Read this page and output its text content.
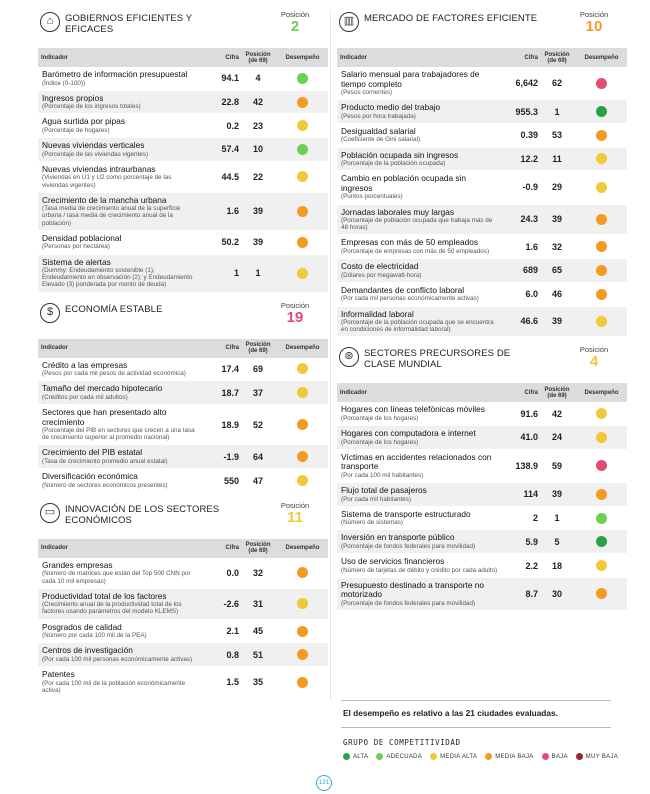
⌂	GOBIERNOS EFICIENTES Y EFICACES
Posición
2
Indicador	Cifra	Posición
(de 69)	Desempeño
Barómetro de información presupuestal
(Índice (0-100))	94.1	4
Ingresos propios
(Porcentaje de los ingresos totales)	22.8	42
Agua surtida por pipas
(Porcentaje de hogares)	0.2	23
Nuevas viviendas verticales
(Porcentaje de las viviendas vigentes)	57.4	10
Nuevas viviendas intraurbanas
(Viviendas en U1 y U2 como porcentaje de las viviendas vigentes)
44.5	22
Crecimiento de la mancha urbana
(Tasa media de crecimiento anual de la superficie urbana / tasa media de crecimiento anual de la población)
1.6	39
Densidad poblacional
(Personas por hectárea)	50.2	39
Sistema de alertas
(Dummy: Endeudamiento sostenible (1); Endeudamiento en observación (2); y Endeudamiento Elevado (3) ponderada por monto de deuda)
1	1
$	ECONOMÍA ESTABLE	Posición
19
Indicador	Cifra	Posición
(de 69)	Desempeño
Crédito a las empresas
(Pesos por cada mil pesos de actividad económica)	17.4	69
Tamaño del mercado hipotecario
(Créditos por cada mil adultos)	18.7	37
Sectores que han presentado alto crecimiento
(Porcentaje del PIB en sectores que crecen a una tasa de crecimiento superior al promedio nacional)
18.9	52
Crecimiento del PIB estatal
(Tasa de crecimiento promedio anual estatal)	-1.9	64
Diversificación económica
(Número de sectores económicos presentes)	550	47
▭	INNOVACIÓN DE LOS SECTORES ECONÓMICOS
Posición
11
Indicador	Cifra	Posición
(de 69)	Desempeño
Grandes empresas
(Número de matrices que están del Top 500 CNN por cada 10 mil empresas)
0.0	32
Productividad total de los factores
(Crecimiento anual de la productividad total de los factores usando parámetros del modelo KLEMS)
-2.6	31
Posgrados de calidad
(Número por cada 100 mil de la PEA)	2.1	45
Centros de investigación
(Por cada 100 mil personas económicamente activas)	0.8	51
Patentes
(Por cada 100 mil de la población económicamente activa)
1.5	35
▥	MERCADO DE FACTORES EFICIENTE	Posición
10
Indicador	Cifra	Posición
(de 69)	Desempeño
Salario mensual para trabajadores de tiempo completo
(Pesos corrientes)
6,642	62
Producto medio del trabajo
(Pesos por hora trabajada)	955.3	1
Desigualdad salarial
(Coeficiente de Gini salarial)	0.39	53
Población ocupada sin ingresos
(Porcentaje de la población ocupada)	12.2	11
Cambio en población ocupada sin ingresos
(Puntos porcentuales)
-0.9	29
Jornadas laborales muy largas
(Porcentaje de población ocupada que trabaja más de 48 horas)
24.3	39
Empresas con más de 50 empleados
(Porcentaje de empresas con más de 50 empleados)	1.6	32
Costo de electricidad
(Dólares por megawatt-hora)	689	65
Demandantes de conflicto laboral
(Por cada mil personas económicamente activas)	6.0	46
Informalidad laboral
(Porcentaje de la población ocupada que se encuentra en condiciones de informalidad laboral)
46.6	39
⊛	SECTORES PRECURSORES DE CLASE MUNDIAL
Posición
4
Indicador	Cifra	Posición
(de 69)	Desempeño
Hogares con líneas telefónicas móviles
(Porcentaje de los hogares)	91.6	42
Hogares con computadora e internet
(Porcentaje de los hogares)	41.0	24
Víctimas en accidentes relacionados con transporte
(Por cada 100 mil habitantes)
138.9	59
Flujo total de pasajeros
(Por cada mil habitantes)	114	39
Sistema de transporte estructurado
(Número de sistemas)	2	1
Inversión en transporte público
(Porcentaje de fondos federales para movilidad)	5.9	5
Uso de servicios financieros
(Número de tarjetas de débito y crédito por cada adulto)	2.2	18
Presupuesto destinado a transporte no motorizado
(Porcentaje de fondos federales para movilidad)
8.7	30
El desempeño es relativo a las 21 ciudades evaluadas.
GRUPO DE COMPETITIVIDAD
ALTA	ADECUADA	MEDIA ALTA	MEDIA BAJA	BAJA	MUY BAJA
131
